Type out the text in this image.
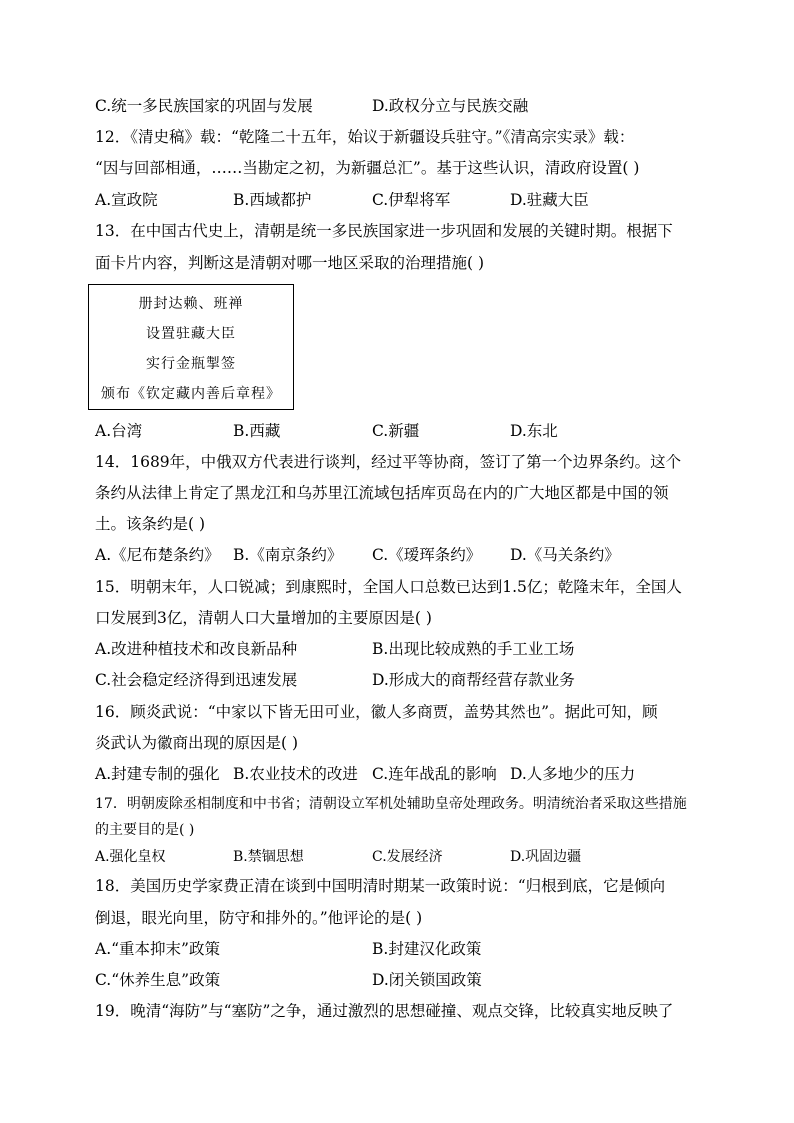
C.统一多民族国家的巩固与发展	D.政权分立与民族交融
12．《清史稿》载：“乾隆二十五年，始议于新疆设兵驻守。”《清高宗实录》载：
“因与回部相通，……当勘定之初，为新疆总汇”。基于这些认识，清政府设置( )
A.宣政院	B.西域都护	C.伊犁将军	D.驻藏大臣
13．在中国古代史上，清朝是统一多民族国家进一步巩固和发展的关键时期。根据下
面卡片内容，判断这是清朝对哪一地区采取的治理措施( )
册封达赖、班禅
设置驻藏大臣
实行金瓶掣签
颁布《钦定藏内善后章程》
A.台湾	B.西藏	C.新疆	D.东北
14．1689年，中俄双方代表进行谈判，经过平等协商，签订了第一个边界条约。这个
条约从法律上肯定了黑龙江和乌苏里江流域包括库页岛在内的广大地区都是中国的领
土。该条约是( )
A.《尼布楚条约》 B.《南京条约》 C.《瑷珲条约》 D.《马关条约》
15．明朝末年，人口锐减；到康熙时，全国人口总数已达到1.5亿；乾隆末年，全国人
口发展到3亿，清朝人口大量增加的主要原因是( )
A.改进种植技术和改良新品种	B.出现比较成熟的手工业工场
C.社会稳定经济得到迅速发展	D.形成大的商帮经营存款业务
16．顾炎武说：“中家以下皆无田可业，徽人多商贾，盖势其然也”。据此可知，顾
炎武认为徽商出现的原因是( )
A.封建专制的强化 B.农业技术的改进 C.连年战乱的影响 D.人多地少的压力
17．明朝废除丞相制度和中书省；清朝设立军机处辅助皇帝处理政务。明清统治者采取这些措施
的主要目的是( )
A.强化皇权	B.禁锢思想	C.发展经济	D.巩固边疆
18．美国历史学家费正清在谈到中国明清时期某一政策时说：“归根到底，它是倾向
倒退，眼光向里，防守和排外的。”他评论的是( )
A.“重本抑末”政策	B.封建汉化政策
C.“休养生息”政策	D.闭关锁国政策
19．晚清“海防”与“塞防”之争，通过激烈的思想碰撞、观点交锋，比较真实地反映了
